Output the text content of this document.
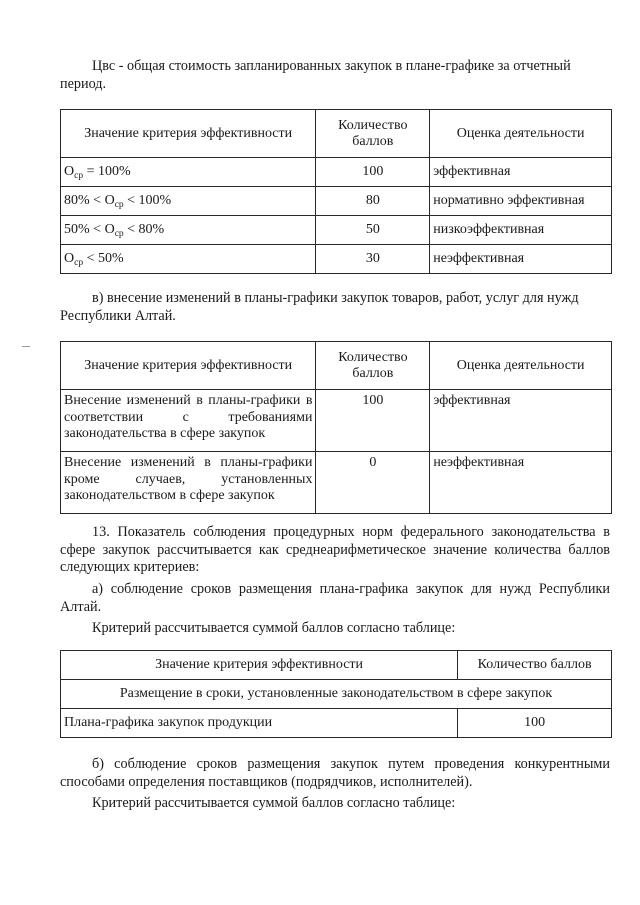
Цвс - общая стоимость запланированных закупок в плане-графике за отчетный
период.

Значение критерия эффективности	Количество баллов	Оценка деятельности
$О_{ср} = 100\%$	100	эффективная
$80\% < О_{ср} < 100\%$	80	нормативно эффективная
$50\% < О_{ср} < 80\%$	50	низкоэффективная
$О_{ср} < 50\%$	30	неэффективная

в) внесение изменений в планы-графики закупок товаров, работ, услуг для нужд
Республики Алтай.

Значение критерия эффективности	Количество баллов	Оценка деятельности
Внесение изменений в планы-графики в соответствии с требованиями законодательства в сфере закупок	100	эффективная
Внесение изменений в планы-графики кроме случаев, установленных законодательством в сфере закупок	0	неэффективная

13. Показатель соблюдения процедурных норм федерального законодательства в сфере закупок рассчитывается как среднеарифметическое значение количества баллов следующих критериев:

а) соблюдение сроков размещения плана-графика закупок для нужд Республики Алтай.

Критерий рассчитывается суммой баллов согласно таблице:

Значение критерия эффективности	Количество баллов
Размещение в сроки, установленные законодательством в сфере закупок	
Плана-графика закупок продукции	100

б) соблюдение сроков размещения закупок путем проведения конкурентными способами определения поставщиков (подрядчиков, исполнителей).

Критерий рассчитывается суммой баллов согласно таблице:
